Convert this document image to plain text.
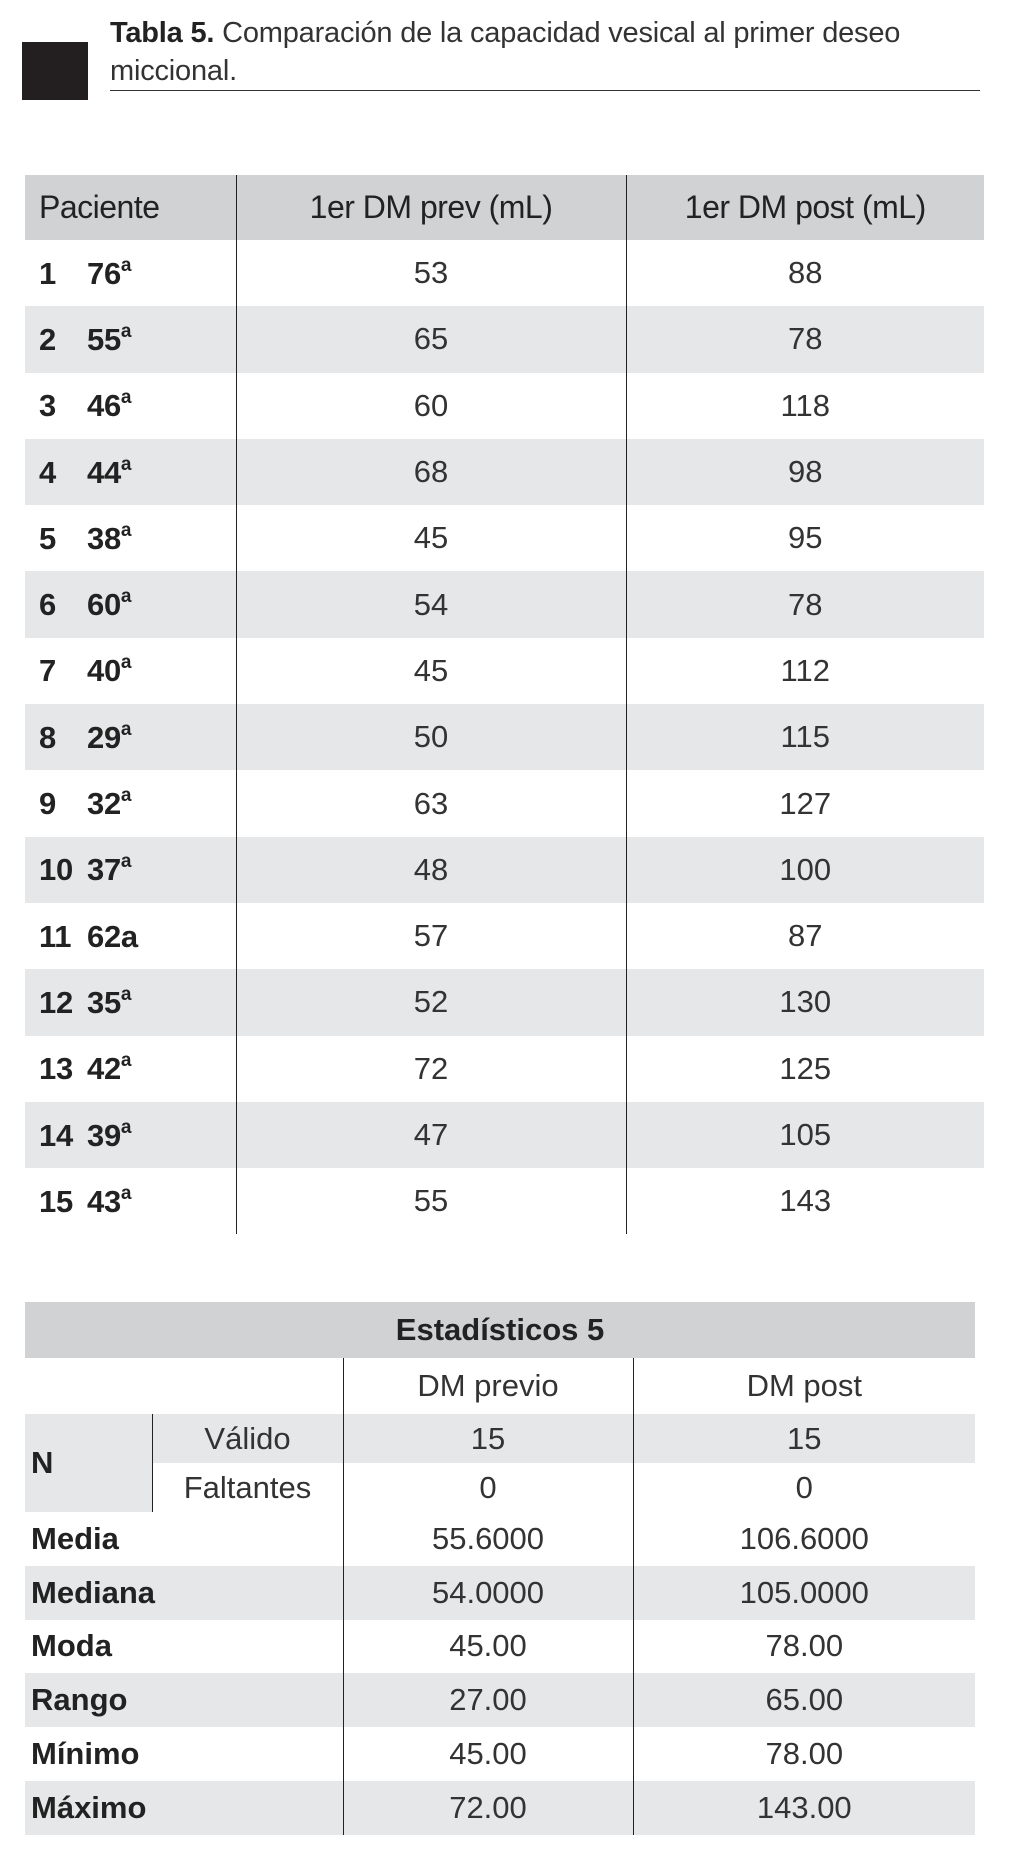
Tabla 5. Comparación de la capacidad vesical al primer deseo miccional.
Paciente	1er DM prev (mL)	1er DM post (mL)
1 76$^a$	53	88
2 55$^a$	65	78
3 46$^a$	60	118
4 44$^a$	68	98
5 38$^a$	45	95
6 60$^a$	54	78
7 40$^a$	45	112
8 29$^a$	50	115
9 32$^a$	63	127
10 37$^a$	48	100
11 62a	57	87
12 35$^a$	52	130
13 42$^a$	72	125
14 39$^a$	47	105
15 43$^a$	55	143
Estadísticos 5			
		DM previo	DM post
N	Válido	15	15
	Faltantes	0	0
Media		55.6000	106.6000
Mediana		54.0000	105.0000
Moda		45.00	78.00
Rango		27.00	65.00
Mínimo		45.00	78.00
Máximo		72.00	143.00
